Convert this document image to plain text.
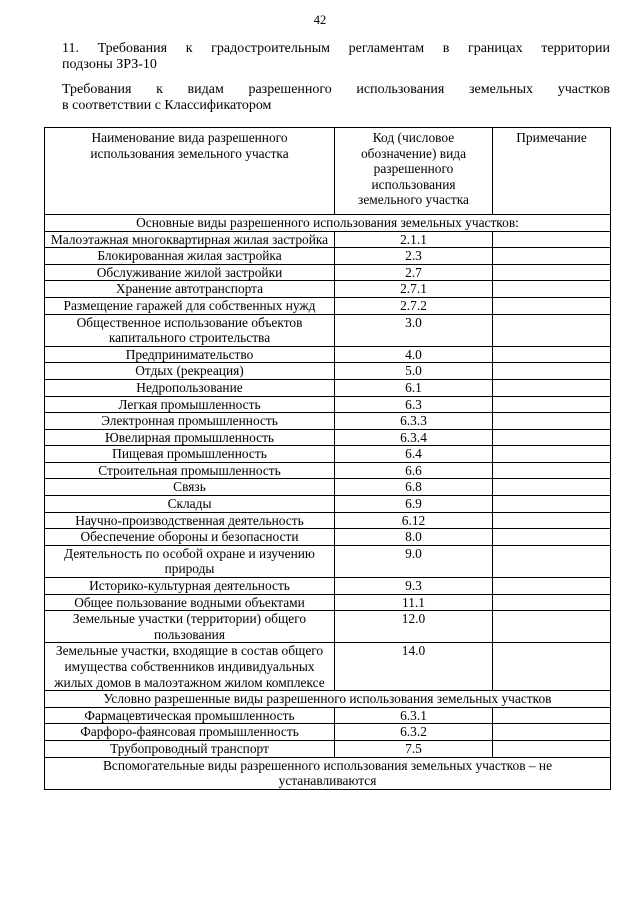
42
11. Требования к градостроительным регламентам в границах территории
подзоны ЗРЗ-10
Требования к видам разрешенного использования земельных участков
в соответствии с Классификатором
Наименование вида разрешенного использования земельного участка	Код (числовое обозначение) вида разрешенного использования земельного участка	Примечание
Основные виды разрешенного использования земельных участков:		
Малоэтажная многоквартирная жилая застройка	2.1.1	
Блокированная жилая застройка	2.3	
Обслуживание жилой застройки	2.7	
Хранение автотранспорта	2.7.1	
Размещение гаражей для собственных нужд	2.7.2	
Общественное использование объектов капитального строительства	3.0	
Предпринимательство	4.0	
Отдых (рекреация)	5.0	
Недропользование	6.1	
Легкая промышленность	6.3	
Электронная промышленность	6.3.3	
Ювелирная промышленность	6.3.4	
Пищевая промышленность	6.4	
Строительная промышленность	6.6	
Связь	6.8	
Склады	6.9	
Научно-производственная деятельность	6.12	
Обеспечение обороны и безопасности	8.0	
Деятельность по особой охране и изучению природы	9.0	
Историко-культурная деятельность	9.3	
Общее пользование водными объектами	11.1	
Земельные участки (территории) общего пользования	12.0	
Земельные участки, входящие в состав общего имущества собственников индивидуальных жилых домов в малоэтажном жилом комплексе	14.0	
Условно разрешенные виды разрешенного использования земельных участков		
Фармацевтическая промышленность	6.3.1	
Фарфоро-фаянсовая промышленность	6.3.2	
Трубопроводный транспорт	7.5	
Вспомогательные виды разрешенного использования земельных участков – не устанавливаются		
